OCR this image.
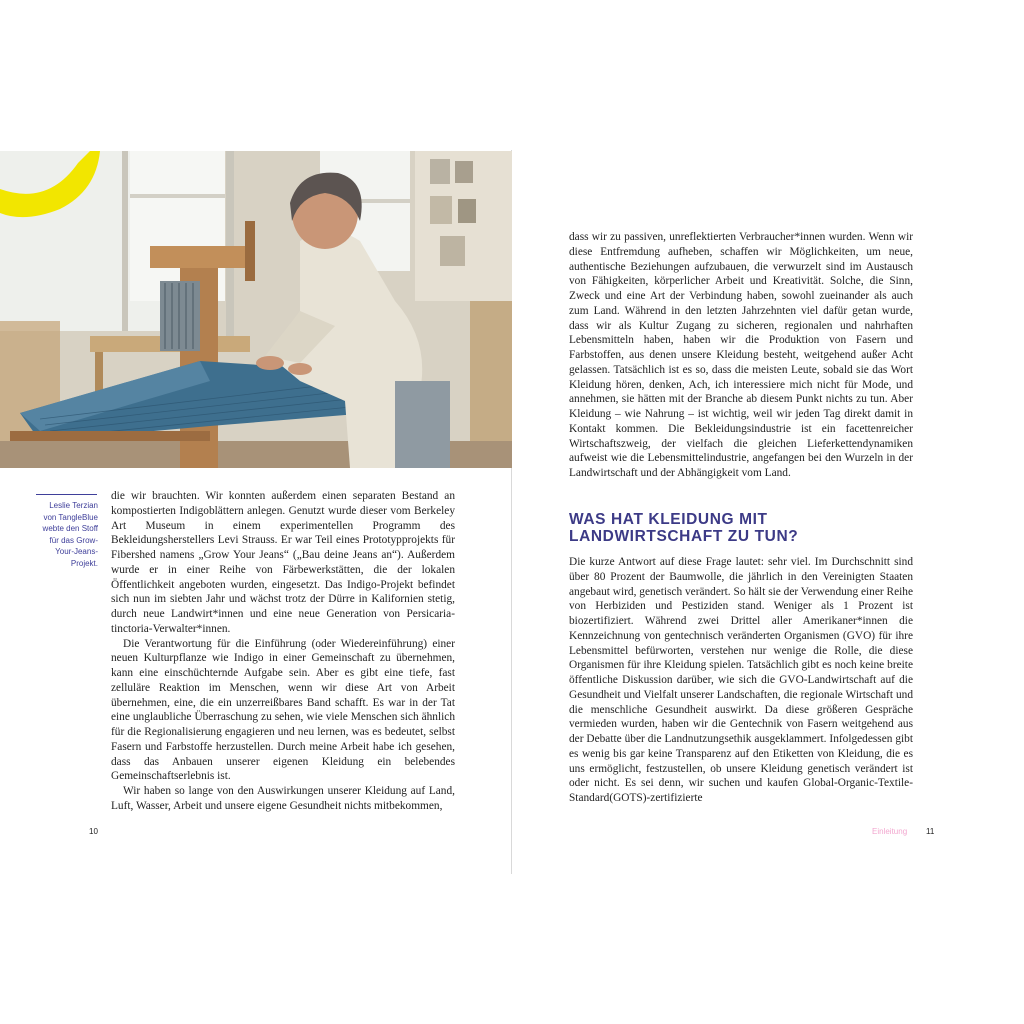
Leslie Terzian
von TangleBlue
webte den Stoff
für das Grow-
Your-Jeans-
Projekt.

die wir brauchten. Wir konnten außerdem einen separaten Bestand an kompostierten Indigoblättern anlegen. Genutzt wurde dieser vom Berkeley Art Museum in einem experimentellen Programm des Bekleidungsherstellers Levi Strauss. Er war Teil eines Prototypprojekts für Fibershed namens „Grow Your Jeans“ („Bau deine Jeans an“). Außerdem wurde er in einer Reihe von Färbewerkstätten, die der lokalen Öffentlichkeit angeboten wurden, eingesetzt. Das Indigo-Projekt befindet sich nun im siebten Jahr und wächst trotz der Dürre in Kalifornien stetig, durch neue Landwirt*innen und eine neue Generation von Persicaria-tinctoria-Verwalter*innen.

Die Verantwortung für die Einführung (oder Wiedereinführung) einer neuen Kulturpflanze wie Indigo in einer Gemeinschaft zu übernehmen, kann eine einschüchternde Aufgabe sein. Aber es gibt eine tiefe, fast zelluläre Reaktion im Menschen, wenn wir diese Art von Arbeit übernehmen, eine, die ein unzerreißbares Band schafft. Es war in der Tat eine unglaubliche Überraschung zu sehen, wie viele Menschen sich ähnlich für die Regionalisierung engagieren und neu lernen, was es bedeutet, selbst Fasern und Farbstoffe herzustellen. Durch meine Arbeit habe ich gesehen, dass das Anbauen unserer eigenen Kleidung ein belebendes Gemeinschaftserlebnis ist.

Wir haben so lange von den Auswirkungen unserer Kleidung auf Land, Luft, Wasser, Arbeit und unsere eigene Gesundheit nichts mitbekommen,

10

dass wir zu passiven, unreflektierten Verbraucher*innen wurden. Wenn wir diese Entfremdung aufheben, schaffen wir Möglichkeiten, um neue, authentische Beziehungen aufzubauen, die verwurzelt sind im Austausch von Fähigkeiten, körperlicher Arbeit und Kreativität. Solche, die Sinn, Zweck und eine Art der Verbindung haben, sowohl zueinander als auch zum Land. Während in den letzten Jahrzehnten viel dafür getan wurde, dass wir als Kultur Zugang zu sicheren, regionalen und nahrhaften Lebensmitteln haben, haben wir die Produktion von Fasern und Farbstoffen, aus denen unsere Kleidung besteht, weitgehend außer Acht gelassen. Tatsächlich ist es so, dass die meisten Leute, sobald sie das Wort Kleidung hören, denken, Ach, ich interessiere mich nicht für Mode, und annehmen, sie hätten mit der Branche ab diesem Punkt nichts zu tun. Aber Kleidung – wie Nahrung – ist wichtig, weil wir jeden Tag direkt damit in Kontakt kommen. Die Bekleidungsindustrie ist ein facettenreicher Wirtschaftszweig, der vielfach die gleichen Lieferkettendynamiken aufweist wie die Lebensmittelindustrie, angefangen bei den Wurzeln in der Landwirtschaft und der Abhängigkeit vom Land.

WAS HAT KLEIDUNG MIT
LANDWIRTSCHAFT ZU TUN?

Die kurze Antwort auf diese Frage lautet: sehr viel. Im Durchschnitt sind über 80 Prozent der Baumwolle, die jährlich in den Vereinigten Staaten angebaut wird, genetisch verändert. So hält sie der Verwendung einer Reihe von Herbiziden und Pestiziden stand. Weniger als 1 Prozent ist biozertifiziert. Während zwei Drittel aller Amerikaner*innen die Kennzeichnung von gentechnisch veränderten Organismen (GVO) für ihre Lebensmittel befürworten, verstehen nur wenige die Rolle, die diese Organismen für ihre Kleidung spielen. Tatsächlich gibt es noch keine breite öffentliche Diskussion darüber, wie sich die GVO-Landwirtschaft auf die Gesundheit und Vielfalt unserer Landschaften, die regionale Wirtschaft und die menschliche Gesundheit auswirkt. Da diese größeren Gespräche vermieden wurden, haben wir die Gentechnik von Fasern weitgehend aus der Debatte über die Landnutzungsethik ausgeklammert. Infolgedessen gibt es wenig bis gar keine Transparenz auf den Etiketten von Kleidung, die es uns ermöglicht, festzustellen, ob unsere Kleidung genetisch verändert ist oder nicht. Es sei denn, wir suchen und kaufen Global-Organic-Textile-Standard(GOTS)-zertifizierte

Einleitung 11
